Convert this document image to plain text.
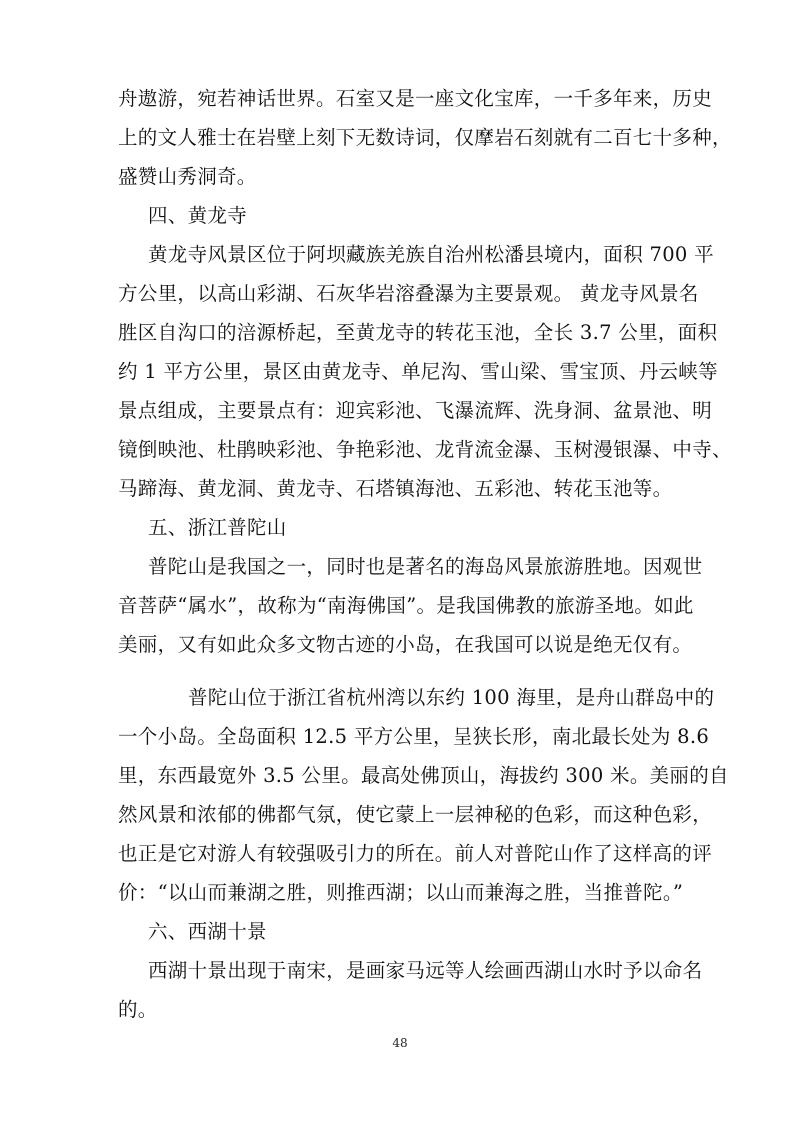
舟遨游，宛若神话世界。石室又是一座文化宝库，一千多年来，历史
上的文人雅士在岩壁上刻下无数诗词，仅摩岩石刻就有二百七十多种，
盛赞山秀洞奇。
四、黄龙寺
黄龙寺风景区位于阿坝藏族羌族自治州松潘县境内，面积 700 平
方公里，以高山彩湖、石灰华岩溶叠瀑为主要景观。 黄龙寺风景名
胜区自沟口的涪源桥起，至黄龙寺的转花玉池，全长 3.7 公里，面积
约 1 平方公里，景区由黄龙寺、单尼沟、雪山梁、雪宝顶、丹云峡等
景点组成，主要景点有：迎宾彩池、飞瀑流辉、洗身洞、盆景池、明
镜倒映池、杜鹃映彩池、争艳彩池、龙背流金瀑、玉树漫银瀑、中寺、
马蹄海、黄龙洞、黄龙寺、石塔镇海池、五彩池、转花玉池等。
五、浙江普陀山
普陀山是我国之一，同时也是著名的海岛风景旅游胜地。因观世
音菩萨“属水”，故称为“南海佛国”。是我国佛教的旅游圣地。如此
美丽，又有如此众多文物古迹的小岛，在我国可以说是绝无仅有。
普陀山位于浙江省杭州湾以东约 100 海里，是舟山群岛中的
一个小岛。全岛面积 12.5 平方公里，呈狭长形，南北最长处为 8.6
里，东西最宽外 3.5 公里。最高处佛顶山，海拔约 300 米。美丽的自
然风景和浓郁的佛都气氛，使它蒙上一层神秘的色彩，而这种色彩，
也正是它对游人有较强吸引力的所在。前人对普陀山作了这样高的评
价：“以山而兼湖之胜，则推西湖；以山而兼海之胜，当推普陀。”
六、西湖十景
西湖十景出现于南宋，是画家马远等人绘画西湖山水时予以命名
的。
48
